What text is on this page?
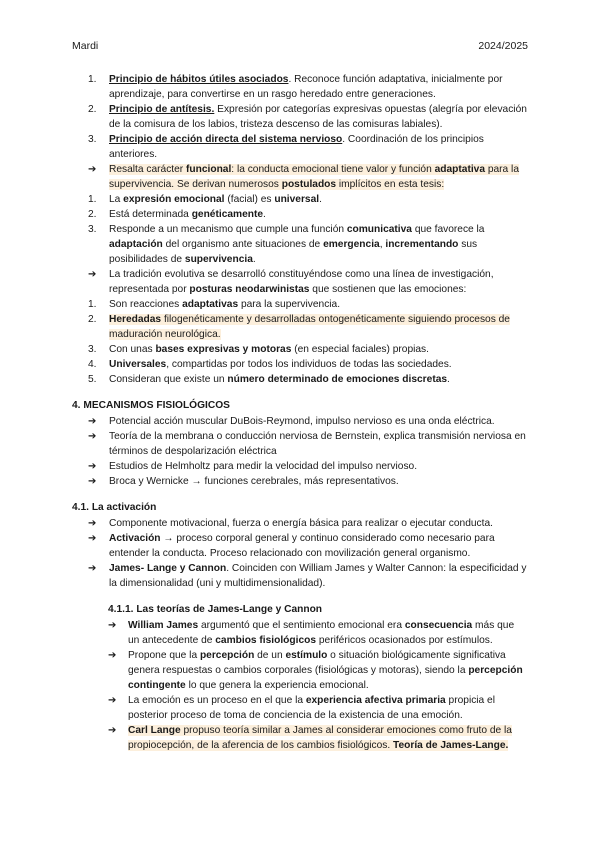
Mardi	2024/2025
1.	Principio de hábitos útiles asociados. Reconoce función adaptativa, inicialmente por aprendizaje, para convertirse en un rasgo heredado entre generaciones.
2.	Principio de antítesis. Expresión por categorías expresivas opuestas (alegría por elevación de la comisura de los labios, tristeza descenso de las comisuras labiales).
3.	Principio de acción directa del sistema nervioso. Coordinación de los principios anteriores.
➔	Resalta carácter funcional: la conducta emocional tiene valor y función adaptativa para la supervivencia. Se derivan numerosos postulados implícitos en esta tesis:
1.	La expresión emocional (facial) es universal.
2.	Está determinada genéticamente.
3.	Responde a un mecanismo que cumple una función comunicativa que favorece la adaptación del organismo ante situaciones de emergencia, incrementando sus posibilidades de supervivencia.
➔	La tradición evolutiva se desarrolló constituyéndose como una línea de investigación, representada por posturas neodarwinistas que sostienen que las emociones:
1.	Son reacciones adaptativas para la supervivencia.
2.	Heredadas filogenéticamente y desarrolladas ontogenéticamente siguiendo procesos de maduración neurológica.
3.	Con unas bases expresivas y motoras (en especial faciales) propias.
4.	Universales, compartidas por todos los individuos de todas las sociedades.
5.	Consideran que existe un número determinado de emociones discretas.
4. MECANISMOS FISIOLÓGICOS
➔	Potencial acción muscular DuBois-Reymond, impulso nervioso es una onda eléctrica.
➔	Teoría de la membrana o conducción nerviosa de Bernstein, explica transmisión nerviosa en términos de despolarización eléctrica
➔	Estudios de Helmholtz para medir la velocidad del impulso nervioso.
➔	Broca y Wernicke → funciones cerebrales, más representativos.
4.1. La activación
➔	Componente motivacional, fuerza o energía básica para realizar o ejecutar conducta.
➔	Activación → proceso corporal general y continuo considerado como necesario para entender la conducta. Proceso relacionado con movilización general organismo.
➔	James- Lange y Cannon. Coinciden con William James y Walter Cannon: la especificidad y la dimensionalidad (uni y multidimensionalidad).
4.1.1. Las teorías de James-Lange y Cannon
➔	William James argumentó que el sentimiento emocional era consecuencia más que un antecedente de cambios fisiológicos periféricos ocasionados por estímulos.
➔	Propone que la percepción de un estímulo o situación biológicamente significativa genera respuestas o cambios corporales (fisiológicas y motoras), siendo la percepción contingente lo que genera la experiencia emocional.
➔	La emoción es un proceso en el que la experiencia afectiva primaria propicia el posterior proceso de toma de conciencia de la existencia de una emoción.
➔	Carl Lange propuso teoría similar a James al considerar emociones como fruto de la propiocepción, de la aferencia de los cambios fisiológicos. Teoría de James-Lange.
